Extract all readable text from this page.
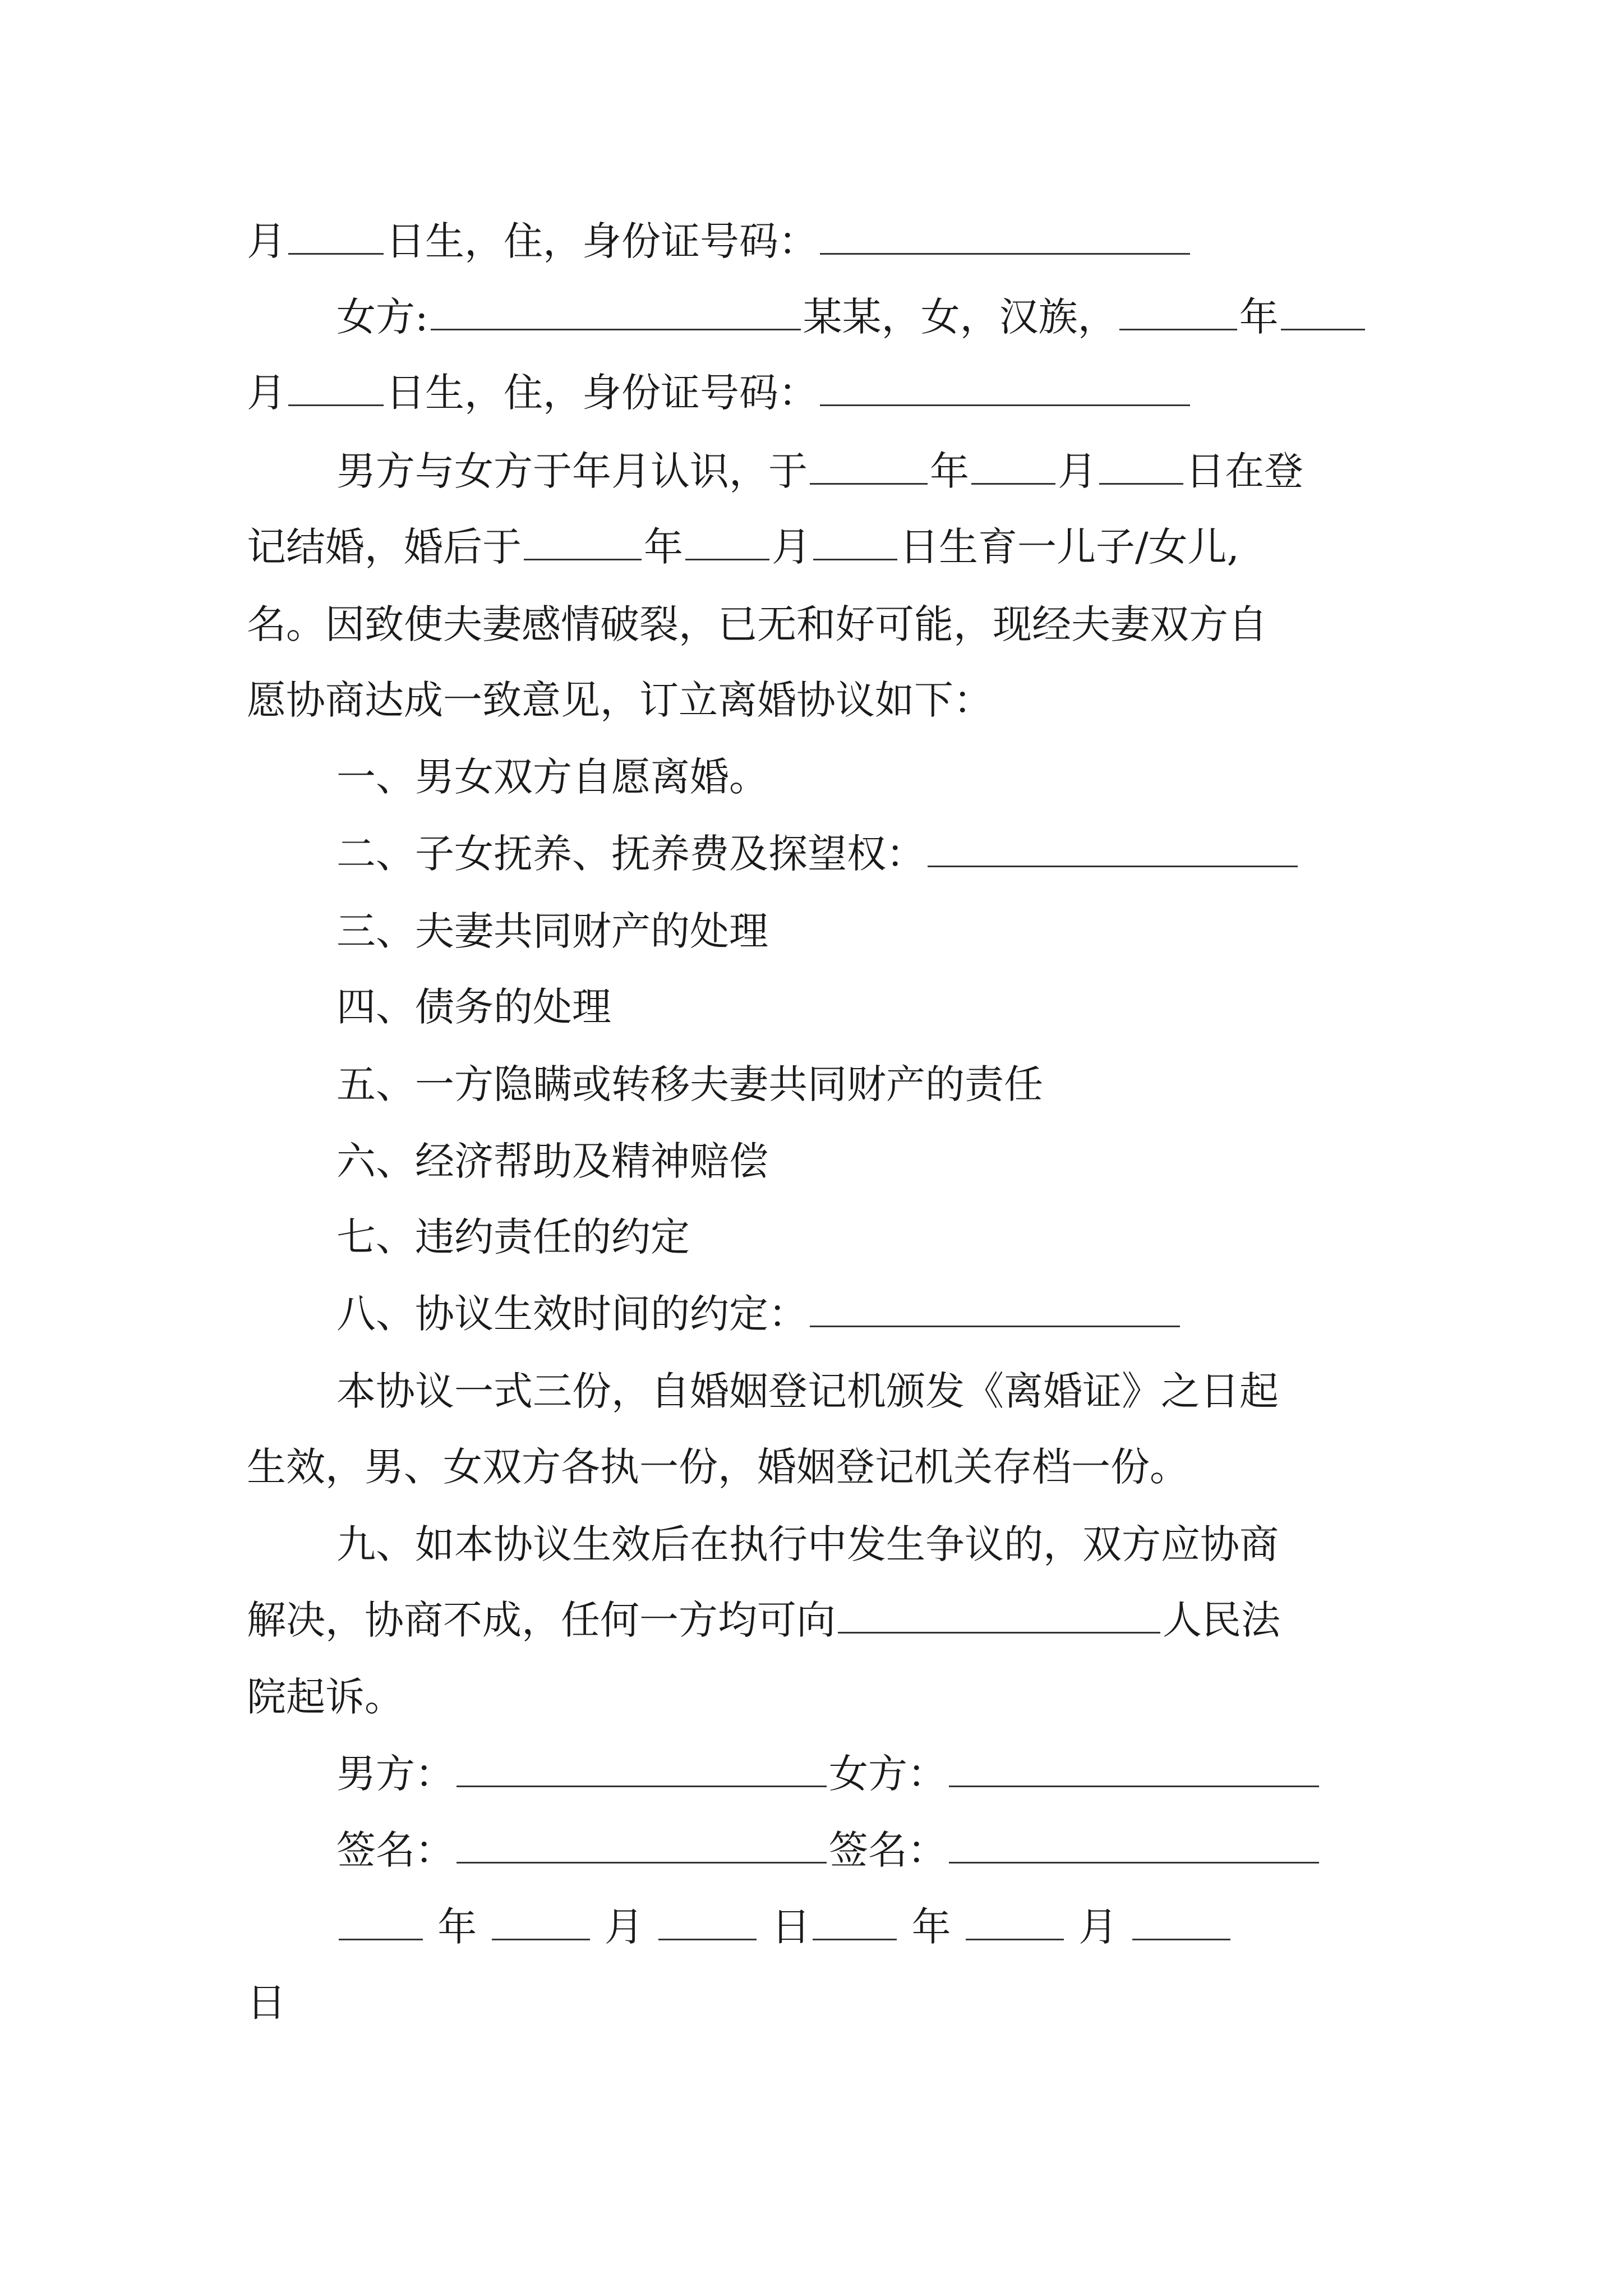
月	日生，住，身份证号码：
女方:	某某，女，汉族，	年
月	日生，住，身份证号码：
男方与女方于年月认识，于	年 月 日在登
记结婚，婚后于	年 月 日生育一儿子/女儿,
名。因致使夫妻感情破裂，已无和好可能，现经夫妻双方自
愿协商达成一致意见，订立离婚协议如下：
一、男女双方自愿离婚。
二、子女抚养、抚养费及探望权：
三、夫妻共同财产的处理
四、债务的处理
五、一方隐瞒或转移夫妻共同财产的责任
六、经济帮助及精神赔偿
七、违约责任的约定
八、协议生效时间的约定：
本协议一式三份，自婚姻登记机颁发《离婚证》之日起
生效，男、女双方各执一份，婚姻登记机关存档一份。
九、如本协议生效后在执行中发生争议的，双方应协商
解决，协商不成，任何一方均可向	人民法
院起诉。
男方：	女方：
签名：	签名：
年	月	日	年	月
日
